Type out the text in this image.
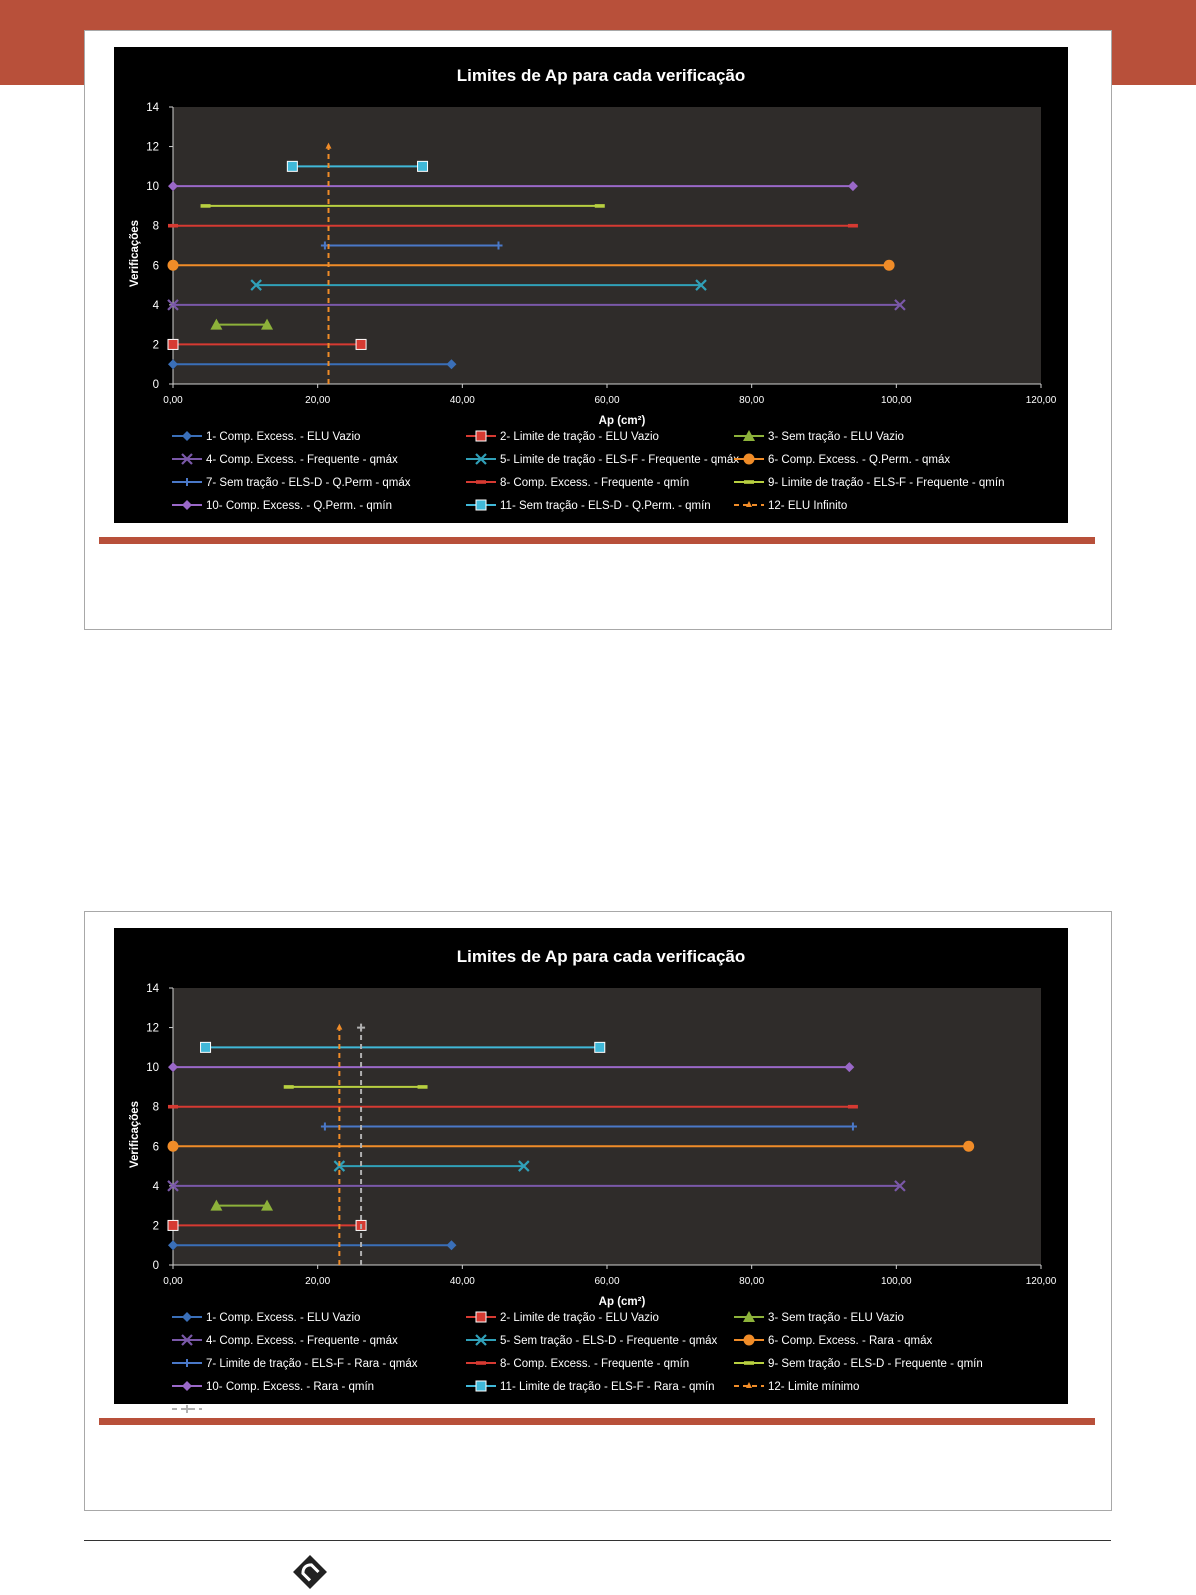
Limites de Ap para cada verificação
0
2
4
6
8
10
12
14
0,00	20,00	40,00	60,00	80,00	100,00	120,00
Ap (cm²)
Verificações
1- Comp. Excess. - ELU Vazio	2- Limite de tração - ELU Vazio	3- Sem tração - ELU Vazio
4- Comp. Excess. - Frequente - qmáx	5- Limite de tração - ELS-F - Frequente - qmáx	6- Comp. Excess. - Q.Perm. - qmáx
7- Sem tração - ELS-D - Q.Perm - qmáx	8- Comp. Excess. - Frequente - qmín	9- Limite de tração - ELS-F - Frequente - qmín
10- Comp. Excess. - Q.Perm. - qmín	11- Sem tração - ELS-D - Q.Perm. - qmín	12- ELU Infinito
Limites de Ap para cada verificação
0
2
4
6
8
10
12
14
0,00	20,00	40,00	60,00	80,00	100,00	120,00
Ap (cm²)
Verificações
1- Comp. Excess. - ELU Vazio	2- Limite de tração - ELU Vazio	3- Sem tração - ELU Vazio
4- Comp. Excess. - Frequente - qmáx	5- Sem tração - ELS-D - Frequente - qmáx	6- Comp. Excess. - Rara - qmáx
7- Limite de tração - ELS-F - Rara - qmáx	8- Comp. Excess. - Frequente - qmín	9- Sem tração - ELS-D - Frequente - qmín
10- Comp. Excess. - Rara - qmín	11- Limite de tração - ELS-F - Rara - qmín	12- Limite mínimo
13- Limite máximo
